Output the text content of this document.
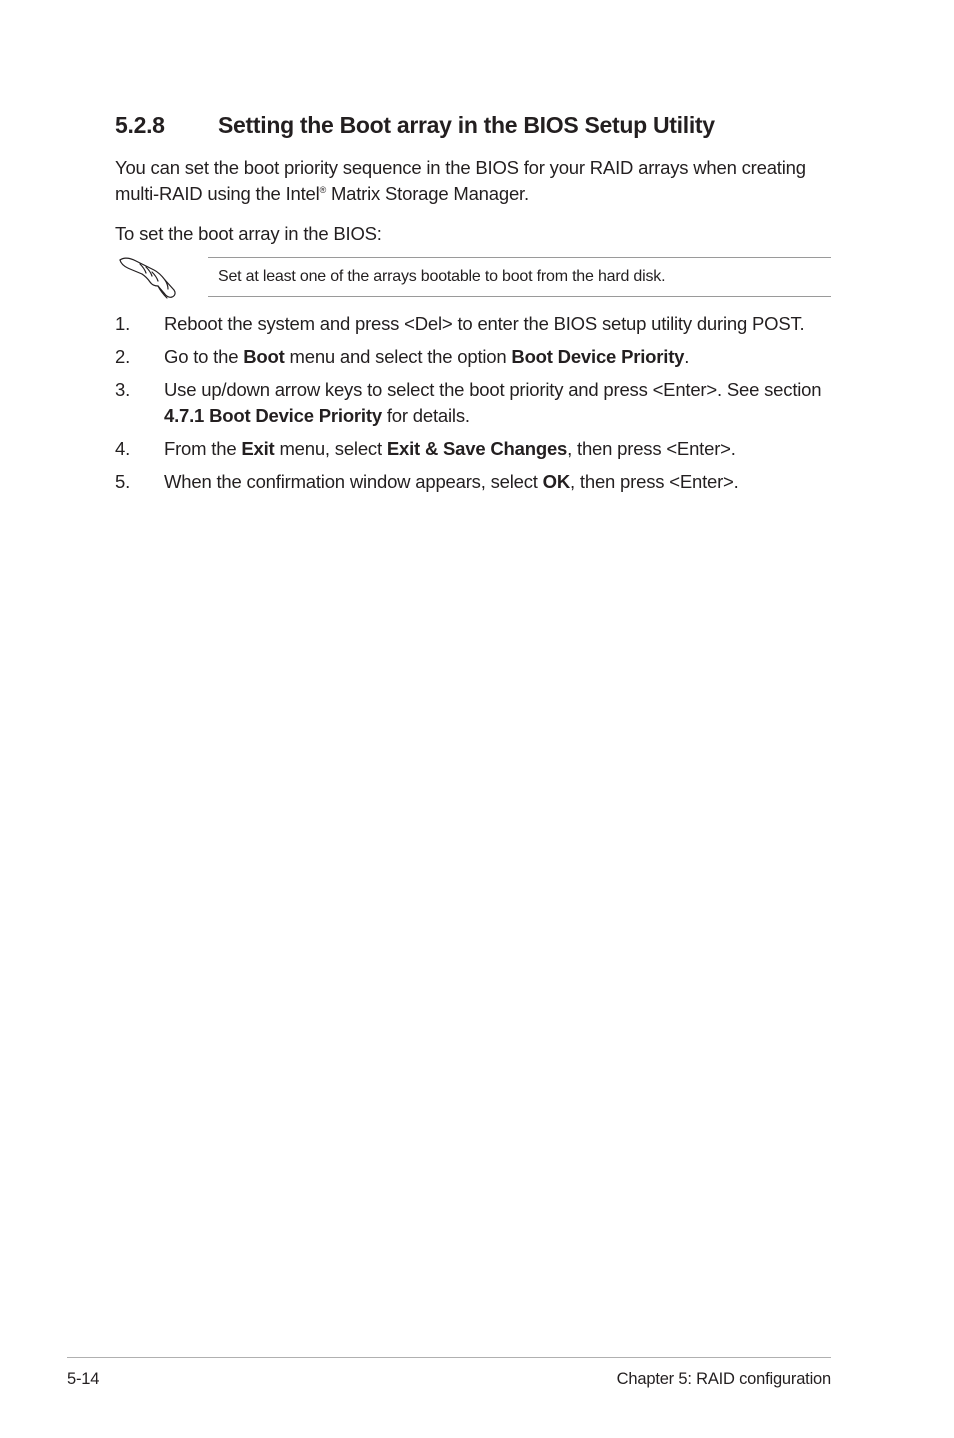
5.2.8 Setting the Boot array in the BIOS Setup Utility

You can set the boot priority sequence in the BIOS for your RAID arrays when creating multi-RAID using the Intel® Matrix Storage Manager.

To set the boot array in the BIOS:

Set at least one of the arrays bootable to boot from the hard disk.

1. Reboot the system and press <Del> to enter the BIOS setup utility during POST.
2. Go to the Boot menu and select the option Boot Device Priority.
3. Use up/down arrow keys to select the boot priority and press <Enter>. See section 4.7.1 Boot Device Priority for details.
4. From the Exit menu, select Exit & Save Changes, then press <Enter>.
5. When the confirmation window appears, select OK, then press <Enter>.
5-14	Chapter 5: RAID configuration
